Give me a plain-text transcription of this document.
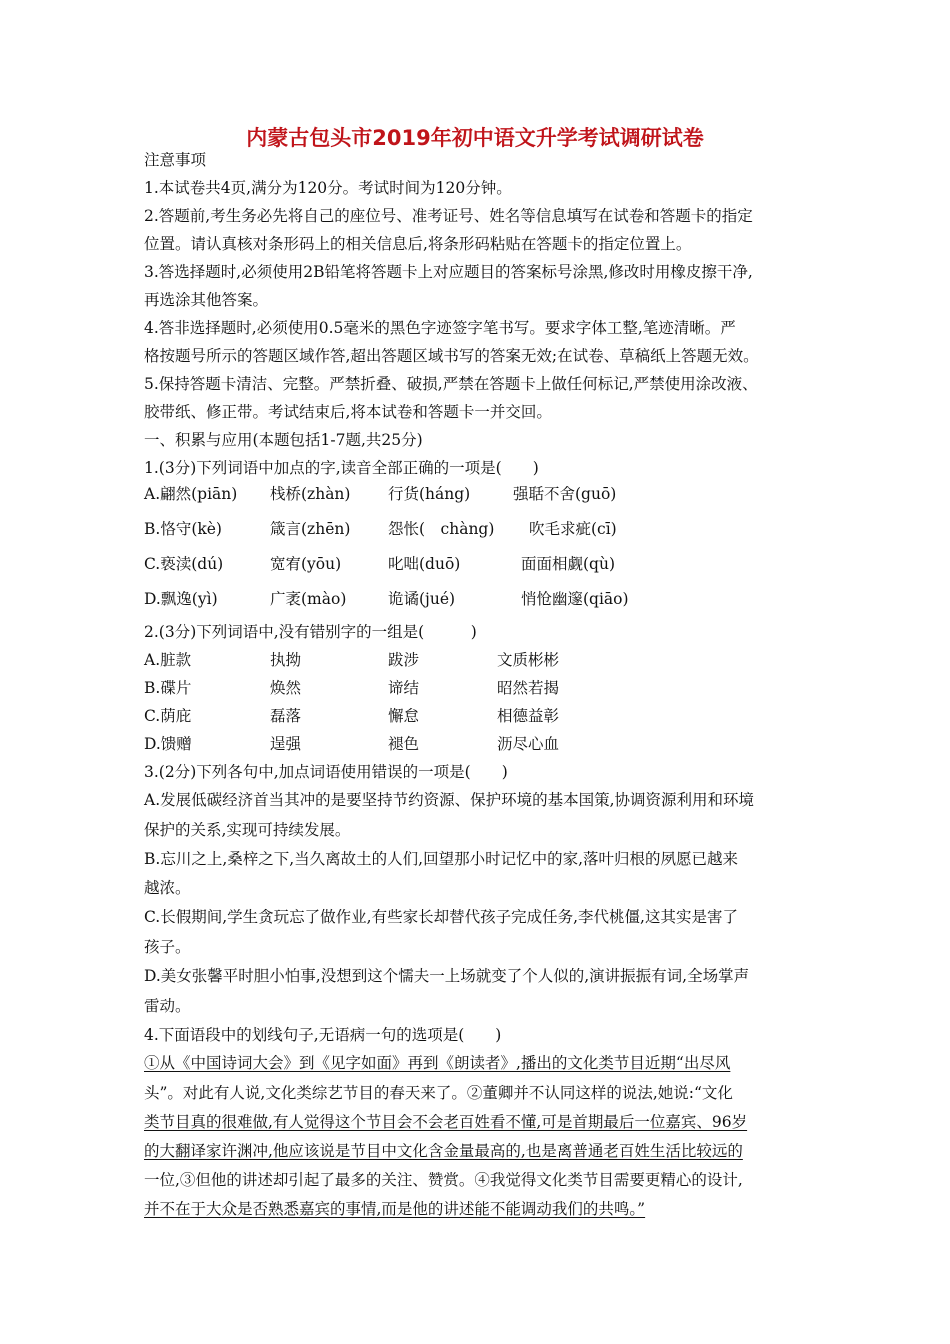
内蒙古包头市2019年初中语文升学考试调研试卷
注意事项
1.本试卷共4页,满分为120分。考试时间为120分钟。
2.答题前,考生务必先将自己的座位号、准考证号、姓名等信息填写在试卷和答题卡的指定
位置。请认真核对条形码上的相关信息后,将条形码粘贴在答题卡的指定位置上。
3.答选择题时,必须使用2B铅笔将答题卡上对应题目的答案标号涂黑,修改时用橡皮擦干净,
再选涂其他答案。
4.答非选择题时,必须使用0.5毫米的黑色字迹签字笔书写。要求字体工整,笔迹清晰。严
格按题号所示的答题区域作答,超出答题区域书写的答案无效;在试卷、草稿纸上答题无效。
5.保持答题卡清洁、完整。严禁折叠、破损,严禁在答题卡上做任何标记,严禁使用涂改液、
胶带纸、修正带。考试结束后,将本试卷和答题卡一并交回。
一、积累与应用(本题包括1-7题,共25分)
1.(3分)下列词语中加点的字,读音全部正确的一项是(　　)
A.翩然(piān) 栈桥(zhàn) 行货(háng)	强聒不舍(guō)
B.恪守(kè)	箴言(zhēn) 怨怅(　chàng) 吹毛求疵(cī)
C.亵渎(dú)	宽宥(yōu)	叱咄(duō)	面面相觑(qù)
D.飘逸(yì)	广袤(mào)	诡谲(jué)	悄怆幽邃(qiāo)
2.(3分)下列词语中,没有错别字的一组是(　　　)
A.脏款	执拗	跋涉	文质彬彬
B.碟片	焕然	谛结	昭然若揭
C.荫庇	磊落	懈怠	相德益彰
D.馈赠	逞强	褪色	沥尽心血
3.(2分)下列各句中,加点词语使用错误的一项是(　　)
A.发展低碳经济首当其冲的是要坚持节约资源、保护环境的基本国策,协调资源利用和环境
保护的关系,实现可持续发展。
B.忘川之上,桑梓之下,当久离故土的人们,回望那小时记忆中的家,落叶归根的夙愿已越来
越浓。
C.长假期间,学生贪玩忘了做作业,有些家长却替代孩子完成任务,李代桃僵,这其实是害了
孩子。
D.美女张馨平时胆小怕事,没想到这个懦夫一上场就变了个人似的,演讲振振有词,全场掌声
雷动。
4.下面语段中的划线句子,无语病一句的选项是(　　)
①从《中国诗词大会》到《见字如面》再到《朗读者》,播出的文化类节目近期“出尽风
头”。对此有人说,文化类综艺节目的春天来了。②董卿并不认同这样的说法,她说:“文化
类节目真的很难做,有人觉得这个节目会不会老百姓看不懂,可是首期最后一位嘉宾、96岁
的大翻译家许渊冲,他应该说是节目中文化含金量最高的,也是离普通老百姓生活比较远的
一位,③但他的讲述却引起了最多的关注、赞赏。④我觉得文化类节目需要更精心的设计,
并不在于大众是否熟悉嘉宾的事情,而是他的讲述能不能调动我们的共鸣。”
